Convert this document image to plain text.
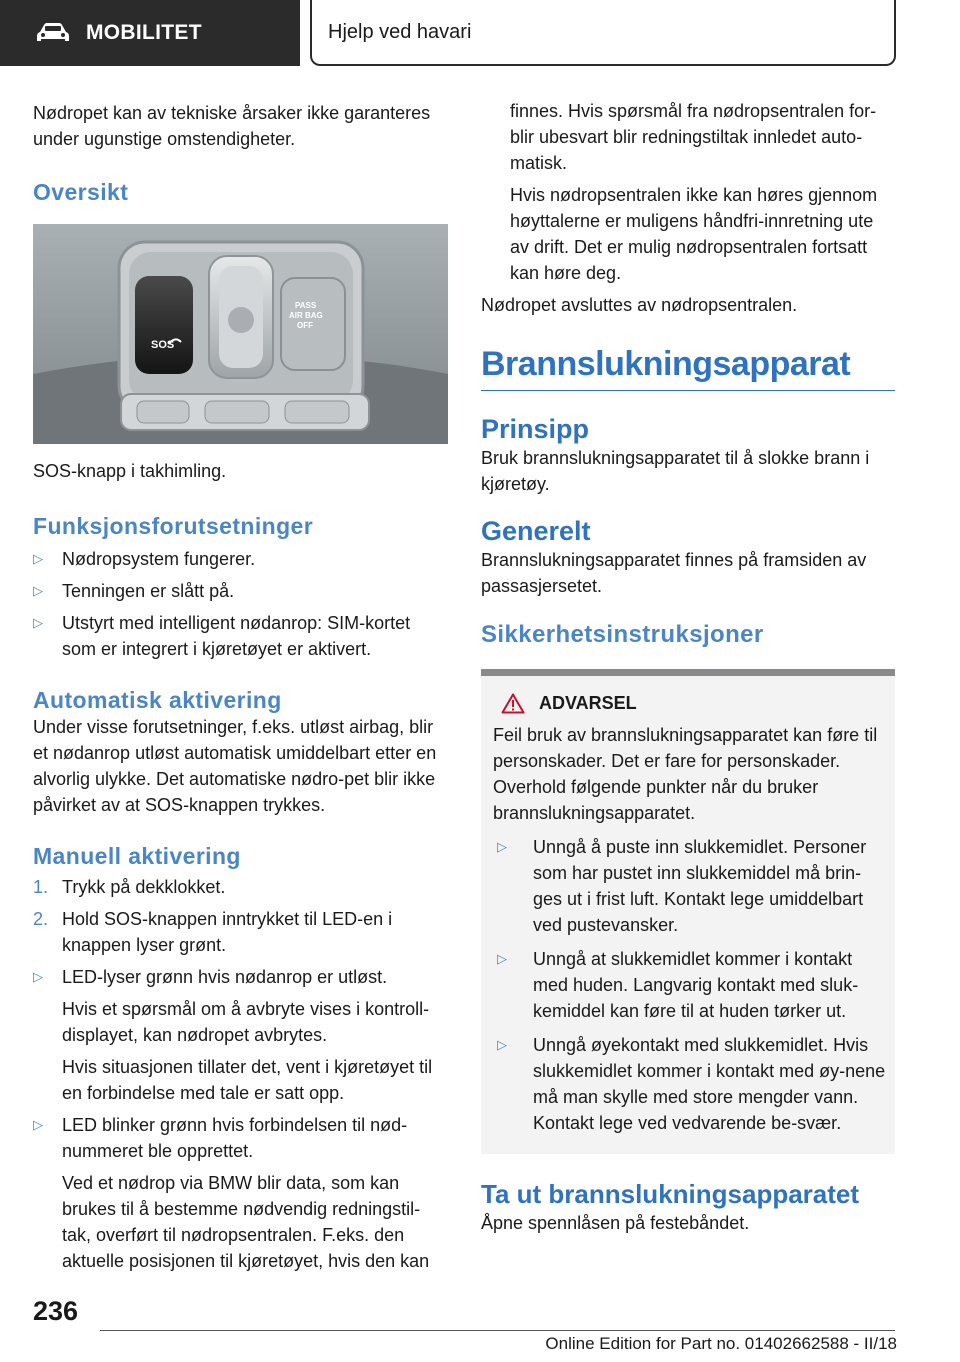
MOBILITET	Hjelp ved havari

Nødropet kan av tekniske årsaker ikke garanteres under ugunstige omstendigheter.

Oversikt
SOS
PASS
AIR BAG
OFF

SOS-knapp i takhimling.

Funksjonsforutsetninger
▷ Nødropsystem fungerer.
▷ Tenningen er slått på.
▷ Utstyrt med intelligent nødanrop: SIM-kortet som er integrert i kjøretøyet er aktivert.
Automatisk aktivering

Under visse forutsetninger, f.eks. utløst airbag, blir et nødanrop utløst automatisk umiddelbart etter en alvorlig ulykke. Det automatiske nødro-pet blir ikke påvirket av at SOS-knappen trykkes.

Manuell aktivering
1. Trykk på dekklokket.
2. Hold SOS-knappen inntrykket til LED-en i knappen lyser grønt.
▷ LED-lyser grønn hvis nødanrop er utløst.

Hvis et spørsmål om å avbryte vises i kontroll-displayet, kan nødropet avbrytes.

Hvis situasjonen tillater det, vent i kjøretøyet til en forbindelse med tale er satt opp.

▷ LED blinker grønn hvis forbindelsen til nød-nummeret ble opprettet.

Ved et nødrop via BMW blir data, som kan brukes til å bestemme nødvendig redningstil-tak, overført til nødropsentralen. F.eks. den aktuelle posisjonen til kjøretøyet, hvis den kan

finnes. Hvis spørsmål fra nødropsentralen for-blir ubesvart blir redningstiltak innledet auto-matisk.

Hvis nødropsentralen ikke kan høres gjennom høyttalerne er muligens håndfri-innretning ute av drift. Det er mulig nødropsentralen fortsatt kan høre deg.

Nødropet avsluttes av nødropsentralen.

Brannslukningsapparat
Prinsipp

Bruk brannslukningsapparatet til å slokke brann i kjøretøy.

Generelt

Brannslukningsapparatet finnes på framsiden av passasjersetet.

Sikkerhetsinstruksjoner
ADVARSEL

Feil bruk av brannslukningsapparatet kan føre til personskader. Det er fare for personskader. Overhold følgende punkter når du bruker brannslukningsapparatet.

▷ Unngå å puste inn slukkemidlet. Personer som har pustet inn slukkemiddel må brin-ges ut i frist luft. Kontakt lege umiddelbart ved pustevansker.
▷ Unngå at slukkemidlet kommer i kontakt med huden. Langvarig kontakt med sluk-kemiddel kan føre til at huden tørker ut.
▷ Unngå øyekontakt med slukkemidlet. Hvis slukkemidlet kommer i kontakt med øy-nene må man skylle med store mengder vann. Kontakt lege ved vedvarende be-svær.
Ta ut brannslukningsapparatet

Åpne spennlåsen på festebåndet.

236
Online Edition for Part no. 01402662588 - II/18
